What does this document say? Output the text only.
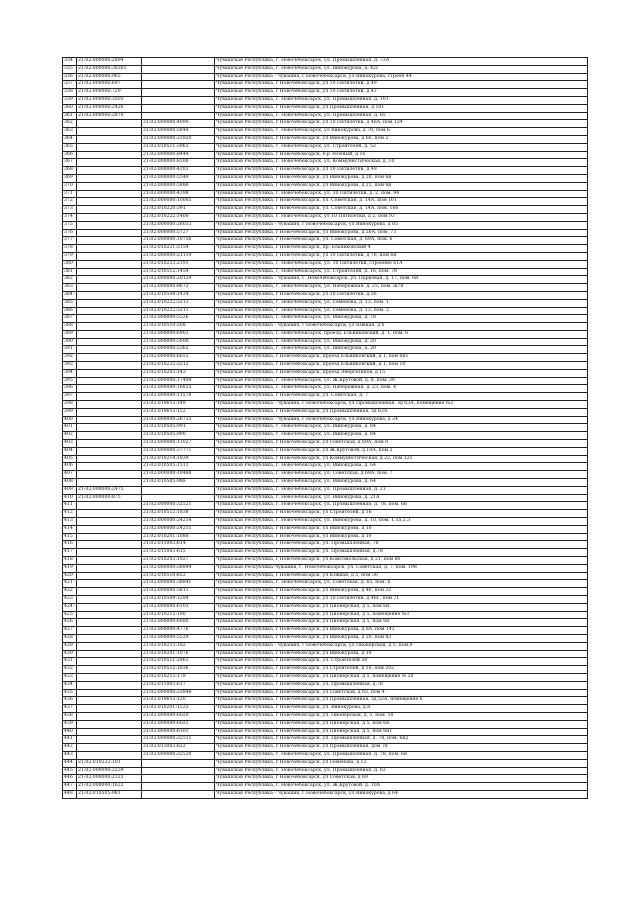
334	21:02:000000:2894		Чувашская Республика, г. Новочебоксарск, ул. Промышленная, д. 73А
335	21:02:000000:38303		Чувашская Республика, г. Новочебоксарск, ул. Винокурова, д. 42Г
336	21:02:000000:965		Чувашская Республика - Чувашия, г Новочебоксарск, ул Винокурова, строен 44
337	21:02:000000:697		Чувашская Республика, г Новочебоксарск, ул 10 Пятилетки, д 49
338	21:02:000000:729		Чувашская Республика, г Новочебоксарск, ул 10 Пятилетки, д 43
339	21:02:000000:3505		Чувашская Республика, г. Новочебоксарск, ул. Промышленная, д. 101
360	21:02:000000:2426		Чувашская Республика, г Новочебоксарск, ул Промышленная, д 101
361	21:02:000000:2870		Чувашская Республика, г. Новочебоксарск, ул. Промышленная, д. 65
362		21:02:000000:4090	Чувашская Республика, г Новочебоксарск, ул 10 Пятилетки, д 46А, пом 124
363		21:02:000000:5844	Чувашская Республика, г. Новочебоксарск, ул Винокурова, д 78, пом 6
364		21:02:000000:23920	Чувашская Республика, г Новочебоксарск, ул Винокурова, д 66, пом 2
365		21:02:010511:3963	Чувашская Республика, г. Новочебоксарск, ул. Строителей, д. 52
366		21:02:000000:8444	Чувашская Республика, г Новочебоксарск, б-р Зеленый, д 16
367		21:02:000000:8300	Чувашская Республика, г. Новочебоксарск, ул. Коммунистическая, д. 10
368		21:02:000000:4203	Чувашская Республика, г Новочебоксарск, ул 10 Пятилетки, д 49
369		21:02:000000:5549	Чувашская Республика, г Новочебоксарск, ул Винокурова, д 28, пом 6н
370		21:02:000000:5886	Чувашская Республика, г Новочебоксарск, ул Винокурова, д 21, пом 6н
371		21:02:000000:4398	Чувашская Республика, г. Новочебоксарск, ул. 10 Пятилетки, д. 2, пом. 94
372		21:02:000000:10005	Чувашская Республика, г Новочебоксарск, ул. Советская, д. 14А, пом 161
373		21:02:010220:391	Чувашская Республика, г Новочебоксарск, ул. Советская, д. 14А, пом. 166
374		21:02:010222:1400	Чувашская Республика, г. Новочебоксарск, ул 10 Пятилетки, д 2, пом 93
375		21:02:000000:26033	Чувашская Республика - Чувашия, г Новочебоксарск, ул Винокурова, д 85
376		21:02:000000:5727	Чувашская Республика, г Новочебоксарск, ул Винокурова, д 26А, пом. 73
377		21:02:000000:10756	Чувашская Республика, г Новочебоксарск, ул. Советская, д. 69А, пом. 6
378		21:02:010221:3154	Чувашская Республика, г Новочебоксарск, пр. Ельниковский 4
379		21:02:000000:21119	Чувашская Республика, г Новочебоксарск, ул 10 Пятилетки, д 76, пом 6н
380		21:02:010223:2191	Чувашская Республика, г. Новочебоксарск, ул. 10 Пятилетки, строение 61А
381		21:02:010512:1454	Чувашская Республика, г. Новочебоксарск, ул. Строителей, д. 16, пом. 78
382		21:02:000000:20129	Чувашская Республика - Чувашия, г. Новочебоксарск, ул. Парковая, д. 17, пом. 6н
383		21:02:000000:8672	Чувашская Республика, г. Новочебоксарск, ул. Набережная, д. 25, пом. ш78
384		21:02:010508:1434	Чувашская Республика, г Новочебоксарск, ул.10 Пятилетки, д.56
385		21:02:010222:3213	Чувашская Республика, г. Новочебоксарск, ул. Семенова, д. 13, пом. 1
386		21:02:010222:3211	Чувашская Республика, г. Новочебоксарск, ул. Семенова, д. 13, пом. 2
387		21:02:000000:5326	Чувашская Республика, г. Новочебоксарск, ул. Винокурова, д. 78
388		21:02:010510:208	Чувашская Республика - Чувашия, г Новочебоксарск, ул Южная, д 6
389		21:02:000000:6903	Чувашская Республика, г. Новочебоксарск, проезд. Ельниковский, д. 1, пом. 6
390		21:02:000000:5008	Чувашская Республика, г. Новочебоксарск, ул. Винокурова, д. 20
391		21:02:000000:5362	Чувашская Республика, г. Новочебоксарск, ул. Винокурова, д. 20
392		21:02:000000:6651	Чувашская Республика, г Новочебоксарск, проезд Ельниковский, д 1, пом 6н1
393		21:02:010222:3212	Чувашская Республика, г Новочебоксарск, проезд Ельниковский, д 1, пом 10
394		21:02:010203:143	Чувашская Республика, г Новочебоксарск, проезд Энергетиков, д 15
395		21:02:000000:17409	Чувашская Республика, г. Новочебоксарск, ул. Ж.Крутовой, д. 8, пом. 39
396		21:02:000000:16835	Чувашская Республика, г. Новочебоксарск, ул. Набережная, д. 23, пом. 4
397		21:02:000000:11578	Чувашская Республика, г Новочебоксарск, ул. Советская, д. 7
398		21:02:010613:149	Чувашская Республика - Чувашия, г Новочебоксарск, ул Промышленная, зд 63А, помещение №2
399		21:02:010613:152	Чувашская Республика, г Новочебоксарск, ул Промышленная, зд 63А
400		21:02:000000:26733	Чувашская Республика - Чувашия, г Новочебоксарск, ул Винокурова, д 24
401		21:02:010505:991	Чувашская Республика, г. Новочебоксарск, ул. Винокурова, д. 64
402		21:02:010505:990	Чувашская Республика, г. Новочебоксарск, ул. Винокурова, д. 64
403		21:02:000000:11027	Чувашская Республика, г Новочебоксарск, ул Советская, д 69А, пом 8
404		21:02:000000:37771	Чувашская Республика, г Новочебоксарск, ул Ж.Крутовой, д 10А, пом 2
405		21:02:010214:1839	Чувашская Республика, г Новочебоксарск, ул Коммунистическая, д 22, пом 121
406		21:02:010505:1511	Чувашская Республика, г. Новочебоксарск, ул. Винокурова, д. 64
407		21:02:000000:10488	Чувашская Республика, г. Новочебоксарск, ул. Советская, д 69А, пом. 7
408		21:02:010505:988	Чувашская Республика, г. Новочебоксарск, ул. Винокурова, д. 64
409	21:02:000000:2475		Чувашская Республика, г. Новочебоксарск, ул. Промышленная, д. 21
410	21:02:000000:875		Чувашская Республика, г. Новочебоксарск, ул. Винокурова, д. 21А
411		21:02:000000:32521	Чувашская Республика, г. Новочебоксарск, ул. Промышленная, д. 78, пом. 6н
412		21:02:010512:1838	Чувашская Республика, г Новочебоксарск, ул Строителей, д 16
413		21:02:000000:24214	Чувашская Республика, г. Новочебоксарск, ул. Винокурова, д. 10, пом. 1,1а,2,3
414		21:02:000000:24211	Чувашская Республика, г Новочебоксарск, ул Винокурова, д 10
415		21:02:010201:1080	Чувашская Республика, г Новочебоксарск, ул Винокурова, д 10
416		21:02:011003:614	Чувашская Республика, г Новочебоксарск, ул. Промышленная, 78
417		21:02:011003:615	Чувашская Республика, г Новочебоксарск, ул. Промышленная, д.78
418		21:02:010203:1027	Чувашская Республика, г Новочебоксарск, ул Комсомольская, д 21, пом 80
419		21:02:000000:38844	Чувашская Республика-Чувашия, г. Новочебоксарск, ул. Советская, д. 7, пом. 198
420		21:02:010510:653	Чувашская Республика, г Новочебоксарск, ул Южная, д 5, пом 30
421		21:02:000000:38841	Чувашская Республика, г. Новочебоксарск, ул. Советская, д. 65, пом. 6
422		21:02:000000:5811	Чувашская Республика, г Новочебоксарск, ул Винокурова, д 46, пом 32
423		21:02:010509:1294	Чувашская Республика, г Новочебоксарск, ул 10 Пятилетки, д 46Г, пом 71
424		21:02:000000:6103	Чувашская Республика, г Новочебоксарск, ул Пионерская, д 5, пом 6н
425		21:02:010215:180	Чувашская Республика, г Новочебоксарск, ул Пионерская, д 5, помещение №3
426		21:02:000000:6080	Чувашская Республика, г Новочебоксарск, ул Пионерская, д 5, пом 6н
427		21:02:000000:4776	Чувашская Республика, г Новочебоксарск, ул Винокурова, д 6А, пом 142
428		21:02:000000:5529	Чувашская Республика, г Новочебоксарск, ул Винокурова, д 20, пом 83
429		21:02:010215:182	Чувашская Республика - Чувашия, г Новочебоксарск, ул Пионерская, д 5, пом.9
430		21:02:010201:1076	Чувашская Республика, г Новочебоксарск, ул Винокурова, д 10
431		21:02:010511:2963	Чувашская Республика, г Новочебоксарск, ул. Строителей 58
432		21:02:010512:1836	Чувашская Республика, г Новочебоксарск, ул Строителей, д 16, пом 202
433		21:02:010215:179	Чувашская Республика, г Новочебоксарск, ул Пионерская, д 5, помещение № 20
434		21:02:011003:617	Чувашская Республика, г Новочебоксарск, ул. Промышленная, д.78
435		21:02:000000:33840	Чувашская Республика, г Новочебоксарск, ул Советская, д 65, пом 4
436		21:02:010613:120	Чувашская Республика, г Новочебоксарск, ул Промышленная, зд.53А, помещение 6
437		21:02:010201:1525	Чувашская Республика, г Новочебоксарск, ул. Винокурова, д.8
438		21:02:000000:6020	Чувашская Республика, г Новочебоксарск, ул. Пионерская, д. 5, пом. 10
439		21:02:000000:6021	Чувашская Республика, г Новочебоксарск, ул Пионерская, д 5, пом 6н
440		21:02:000000:6101	Чувашская Республика, г Новочебоксарск, ул Пионерская, д 5, пом 6н1
441		21:02:000000:32511	Чувашская Республика, г Новочебоксарск, ул. Промышленная, д. 78, пом. 6н2
442		21:02:011003:622	Чувашская Республика, г Новочебоксарск, ул Промышленная, дом 78
443		21:02:000000:32520	Чувашская Республика, г. Новочебоксарск, ул. Промышленная, д. 78, пом. 6н
444	21:02:010222:101		Чувашская Республика, г Новочебоксарск, ул Семенова, д 13
445	21:02:000000:2239		Чувашская Республика, г. Новочебоксарск, ул. Промышленная, д. 63
446	21:02:000000:2321		Чувашская Республика, г Новочебоксарск, ул Советская, д 69
447	21:02:000000:1622		Чувашская Республика, г. Новочебоксарск, ул. Ж.Крутовой, д. 10А
448	21:02:010505:981		Чувашская Республика - Чувашия, г Новочебоксарск, ул Винокурова, д 64
